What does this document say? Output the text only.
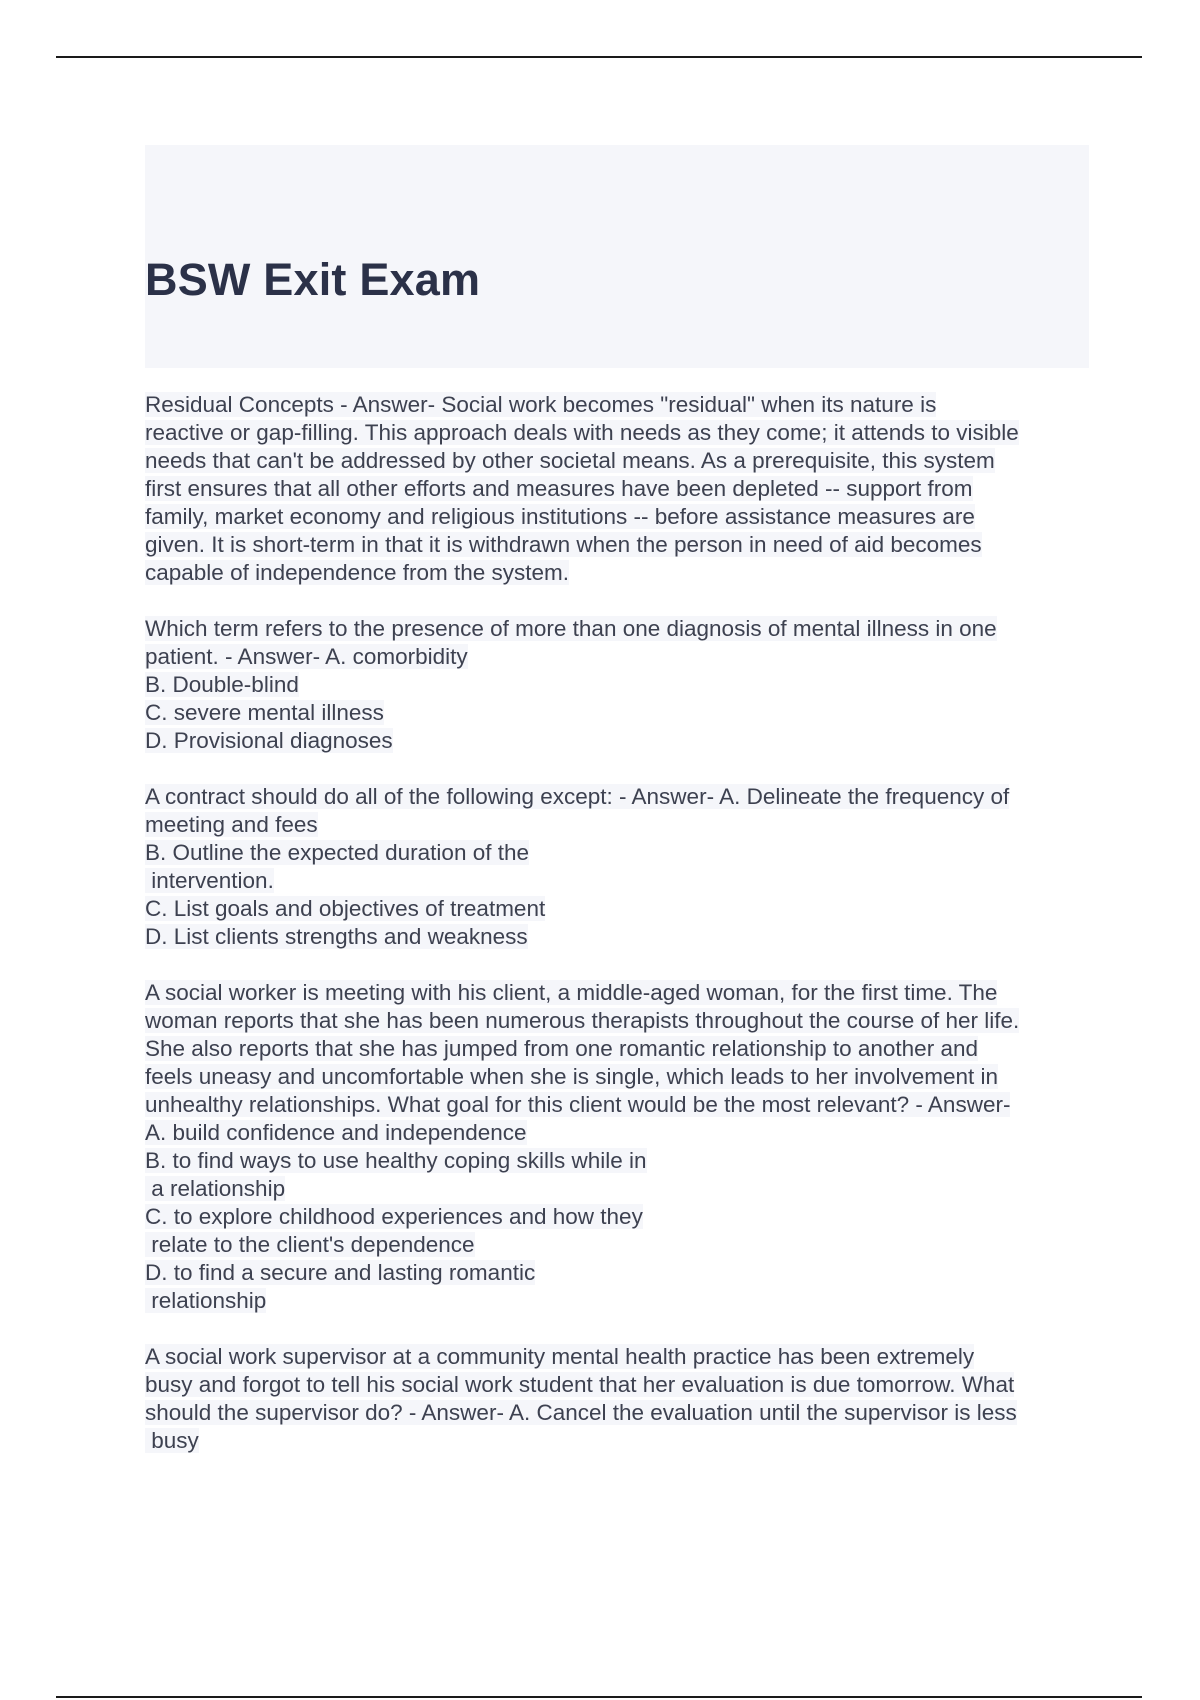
BSW Exit Exam
Residual Concepts - Answer- Social work becomes "residual" when its nature is
reactive or gap-filling. This approach deals with needs as they come; it attends to visible
needs that can't be addressed by other societal means. As a prerequisite, this system
first ensures that all other efforts and measures have been depleted -- support from
family, market economy and religious institutions -- before assistance measures are
given. It is short-term in that it is withdrawn when the person in need of aid becomes
capable of independence from the system.
Which term refers to the presence of more than one diagnosis of mental illness in one
patient. - Answer- A. comorbidity
B. Double-blind
C. severe mental illness
D. Provisional diagnoses
A contract should do all of the following except: - Answer- A. Delineate the frequency of
meeting and fees
B. Outline the expected duration of the
intervention.
C. List goals and objectives of treatment
D. List clients strengths and weakness
A social worker is meeting with his client, a middle-aged woman, for the first time. The
woman reports that she has been numerous therapists throughout the course of her life.
She also reports that she has jumped from one romantic relationship to another and
feels uneasy and uncomfortable when she is single, which leads to her involvement in
unhealthy relationships. What goal for this client would be the most relevant? - Answer-
A. build confidence and independence
B. to find ways to use healthy coping skills while in
a relationship
C. to explore childhood experiences and how they
relate to the client's dependence
D. to find a secure and lasting romantic
relationship
A social work supervisor at a community mental health practice has been extremely
busy and forgot to tell his social work student that her evaluation is due tomorrow. What
should the supervisor do? - Answer- A. Cancel the evaluation until the supervisor is less
busy
